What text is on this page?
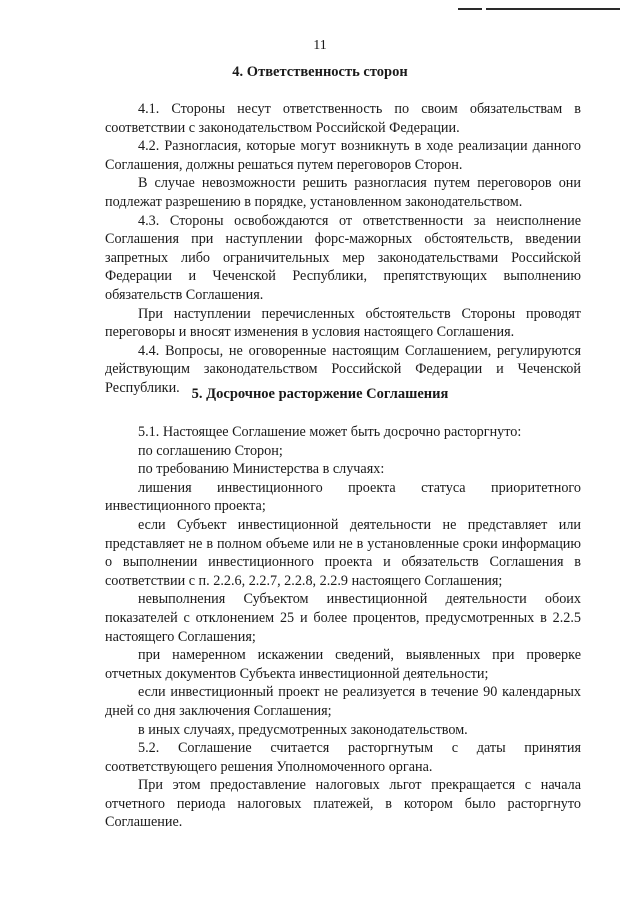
11
4. Ответственность сторон

4.1. Стороны несут ответственность по своим обязательствам в соответствии с законодательством Российской Федерации.

4.2. Разногласия, которые могут возникнуть в ходе реализации данного Соглашения, должны решаться путем переговоров Сторон.

В случае невозможности решить разногласия путем переговоров они подлежат разрешению в порядке, установленном законодательством.

4.3. Стороны освобождаются от ответственности за неисполнение Соглашения при наступлении форс-мажорных обстоятельств, введении запретных либо ограничительных мер законодательствами Российской Федерации и Чеченской Республики, препятствующих выполнению обязательств Соглашения.

При наступлении перечисленных обстоятельств Стороны проводят переговоры и вносят изменения в условия настоящего Соглашения.

4.4. Вопросы, не оговоренные настоящим Соглашением, регулируются действующим законодательством Российской Федерации и Чеченской Республики. 5. Досрочное расторжение Соглашения

5.1. Настоящее Соглашение может быть досрочно расторгнуто:

по соглашению Сторон;

по требованию Министерства в случаях:

лишения инвестиционного проекта статуса приоритетного инвестиционного проекта;

если Субъект инвестиционной деятельности не представляет или представляет не в полном объеме или не в установленные сроки информацию о выполнении инвестиционного проекта и обязательств Соглашения в соответствии с п. 2.2.6, 2.2.7, 2.2.8, 2.2.9 настоящего Соглашения;

невыполнения Субъектом инвестиционной деятельности обоих показателей с отклонением 25 и более процентов, предусмотренных в 2.2.5 настоящего Соглашения;

при намеренном искажении сведений, выявленных при проверке отчетных документов Субъекта инвестиционной деятельности;

если инвестиционный проект не реализуется в течение 90 календарных дней со дня заключения Соглашения;

в иных случаях, предусмотренных законодательством.

5.2. Соглашение считается расторгнутым с даты принятия соответствующего решения Уполномоченного органа.

При этом предоставление налоговых льгот прекращается с начала отчетного периода налоговых платежей, в котором было расторгнуто Соглашение.
